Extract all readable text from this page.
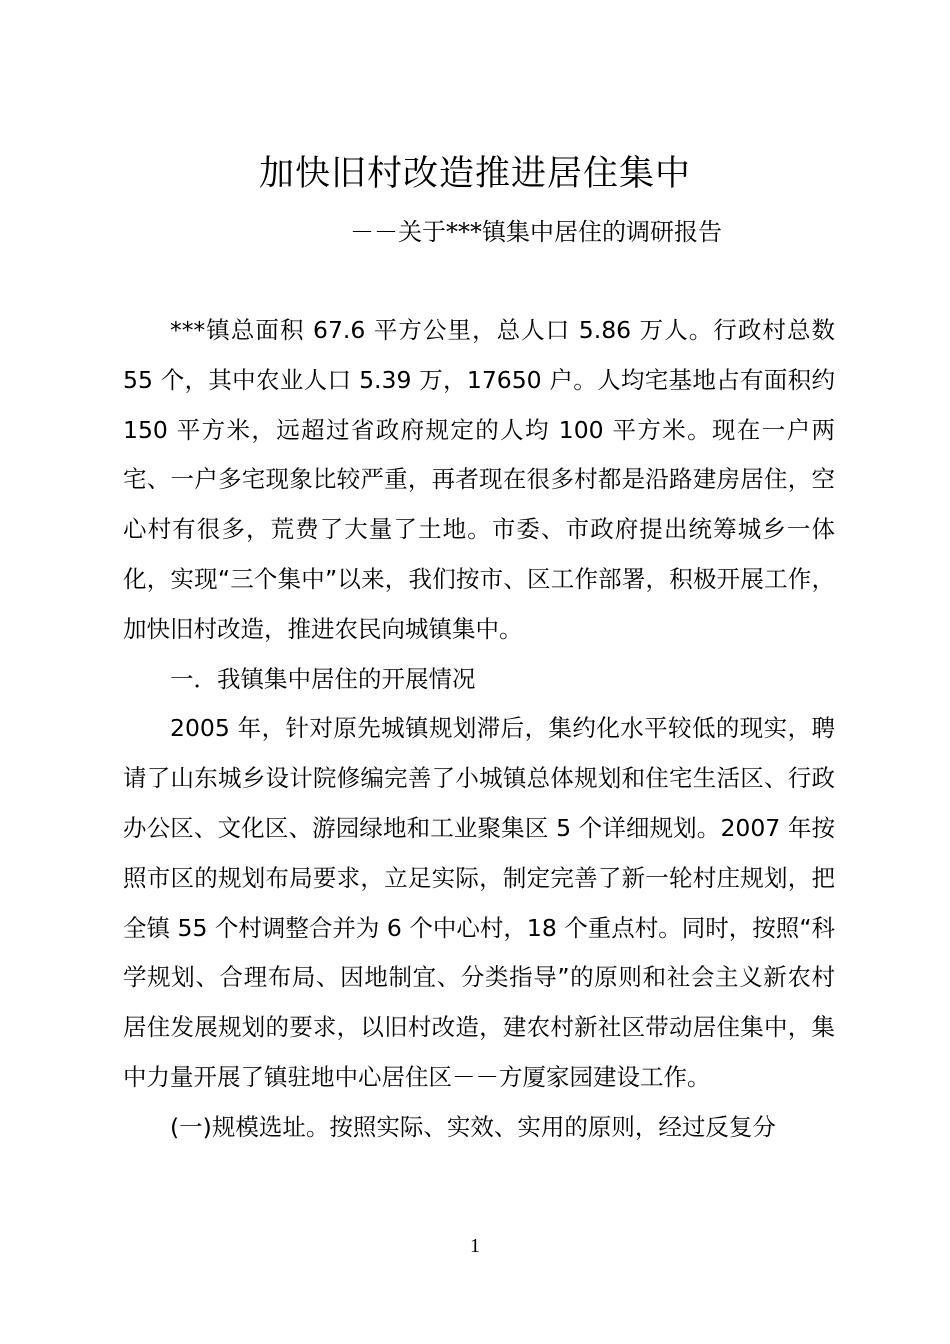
加快旧村改造推进居住集中
－－关于***镇集中居住的调研报告

***镇总面积 67.6 平方公里，总人口 5.86 万人。行政村总数 55 个，其中农业人口 5.39 万，17650 户。人均宅基地占有面积约 150 平方米，远超过省政府规定的人均 100 平方米。现在一户两宅、一户多宅现象比较严重，再者现在很多村都是沿路建房居住，空心村有很多，荒费了大量了土地。市委、市政府提出统筹城乡一体化，实现“三个集中”以来，我们按市、区工作部署，积极开展工作，加快旧村改造，推进农民向城镇集中。

一．我镇集中居住的开展情况

2005 年，针对原先城镇规划滞后，集约化水平较低的现实，聘请了山东城乡设计院修编完善了小城镇总体规划和住宅生活区、行政办公区、文化区、游园绿地和工业聚集区 5 个详细规划。2007 年按照市区的规划布局要求，立足实际，制定完善了新一轮村庄规划，把全镇 55 个村调整合并为 6 个中心村，18 个重点村。同时，按照“科学规划、合理布局、因地制宜、分类指导”的原则和社会主义新农村居住发展规划的要求，以旧村改造，建农村新社区带动居住集中，集中力量开展了镇驻地中心居住区－－方厦家园建设工作。

(一)规模选址。按照实际、实效、实用的原则，经过反复分

1
